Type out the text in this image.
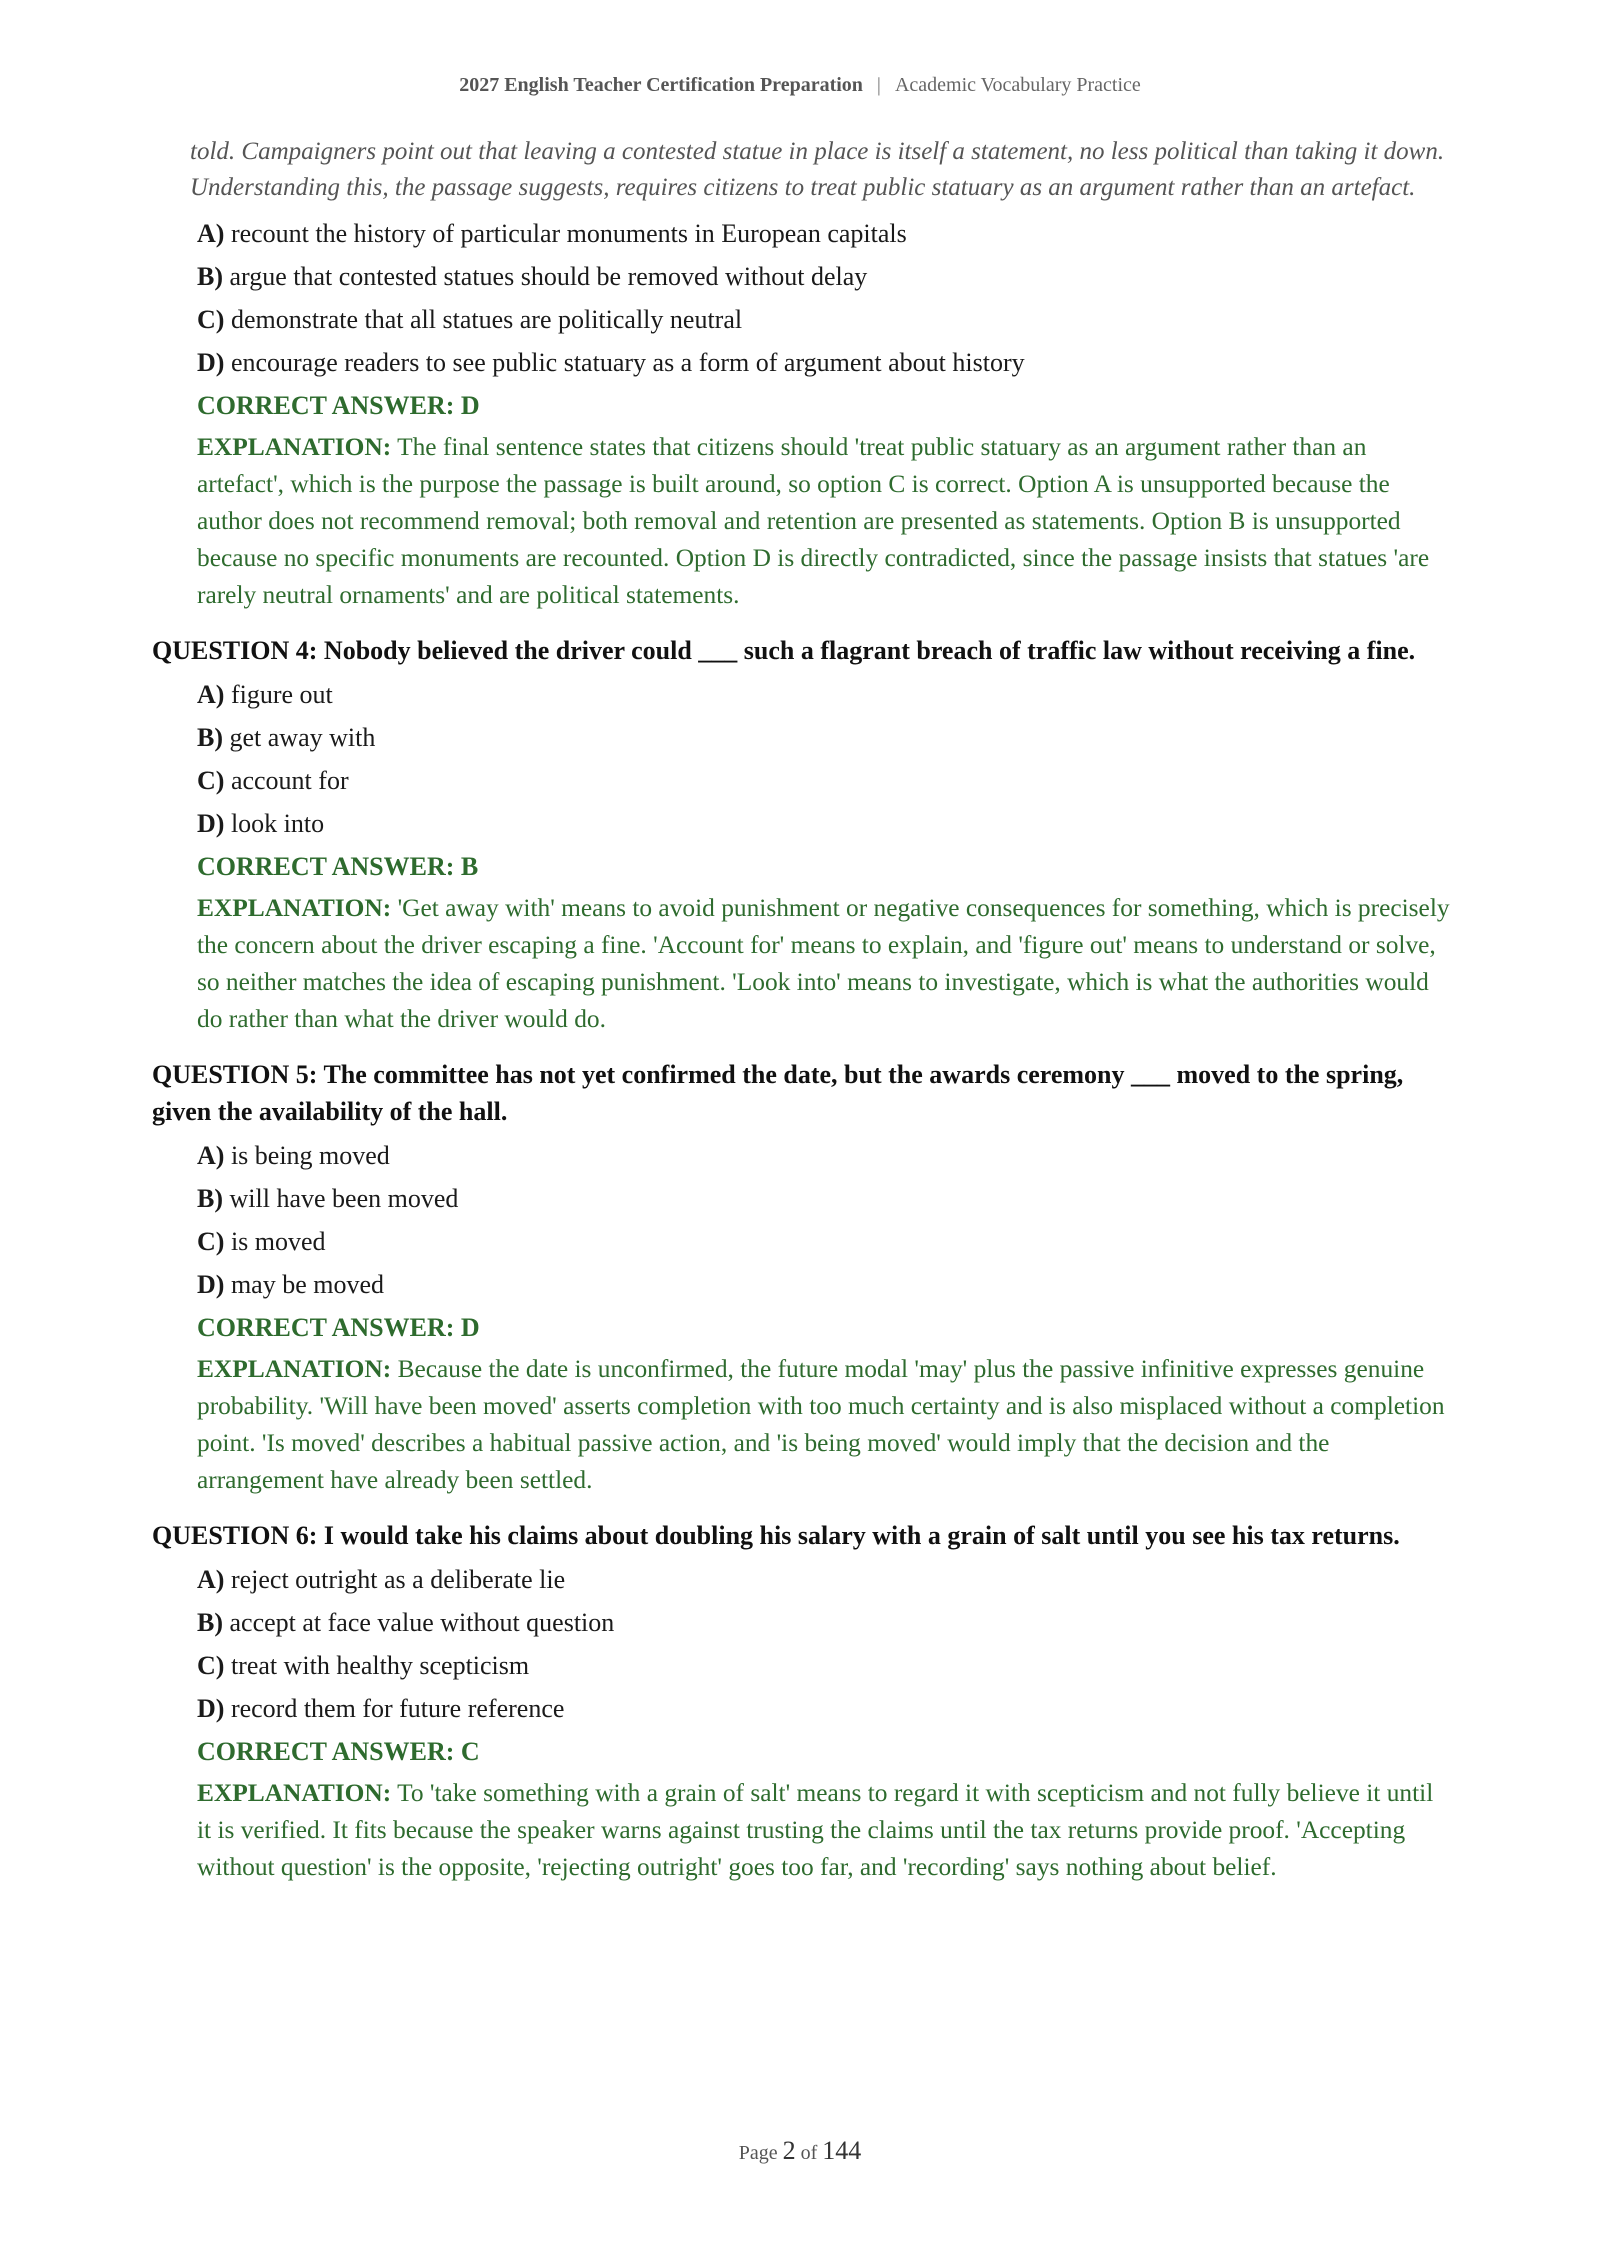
2027 English Teacher Certification Preparation | Academic Vocabulary Practice
told. Campaigners point out that leaving a contested statue in place is itself a statement, no less political than taking it down. Understanding this, the passage suggests, requires citizens to treat public statuary as an argument rather than an artefact.
A) recount the history of particular monuments in European capitals
B) argue that contested statues should be removed without delay
C) demonstrate that all statues are politically neutral
D) encourage readers to see public statuary as a form of argument about history
CORRECT ANSWER: D
EXPLANATION: The final sentence states that citizens should 'treat public statuary as an argument rather than an artefact', which is the purpose the passage is built around, so option C is correct. Option A is unsupported because the author does not recommend removal; both removal and retention are presented as statements. Option B is unsupported because no specific monuments are recounted. Option D is directly contradicted, since the passage insists that statues 'are rarely neutral ornaments' and are political statements.
QUESTION 4: Nobody believed the driver could ___ such a flagrant breach of traffic law without receiving a fine.
A) figure out
B) get away with
C) account for
D) look into
CORRECT ANSWER: B
EXPLANATION: 'Get away with' means to avoid punishment or negative consequences for something, which is precisely the concern about the driver escaping a fine. 'Account for' means to explain, and 'figure out' means to understand or solve, so neither matches the idea of escaping punishment. 'Look into' means to investigate, which is what the authorities would do rather than what the driver would do.
QUESTION 5: The committee has not yet confirmed the date, but the awards ceremony ___ moved to the spring, given the availability of the hall.
A) is being moved
B) will have been moved
C) is moved
D) may be moved
CORRECT ANSWER: D
EXPLANATION: Because the date is unconfirmed, the future modal 'may' plus the passive infinitive expresses genuine probability. 'Will have been moved' asserts completion with too much certainty and is also misplaced without a completion point. 'Is moved' describes a habitual passive action, and 'is being moved' would imply that the decision and the arrangement have already been settled.
QUESTION 6: I would take his claims about doubling his salary with a grain of salt until you see his tax returns.
A) reject outright as a deliberate lie
B) accept at face value without question
C) treat with healthy scepticism
D) record them for future reference
CORRECT ANSWER: C
EXPLANATION: To 'take something with a grain of salt' means to regard it with scepticism and not fully believe it until it is verified. It fits because the speaker warns against trusting the claims until the tax returns provide proof. 'Accepting without question' is the opposite, 'rejecting outright' goes too far, and 'recording' says nothing about belief.
Page 2 of 144
